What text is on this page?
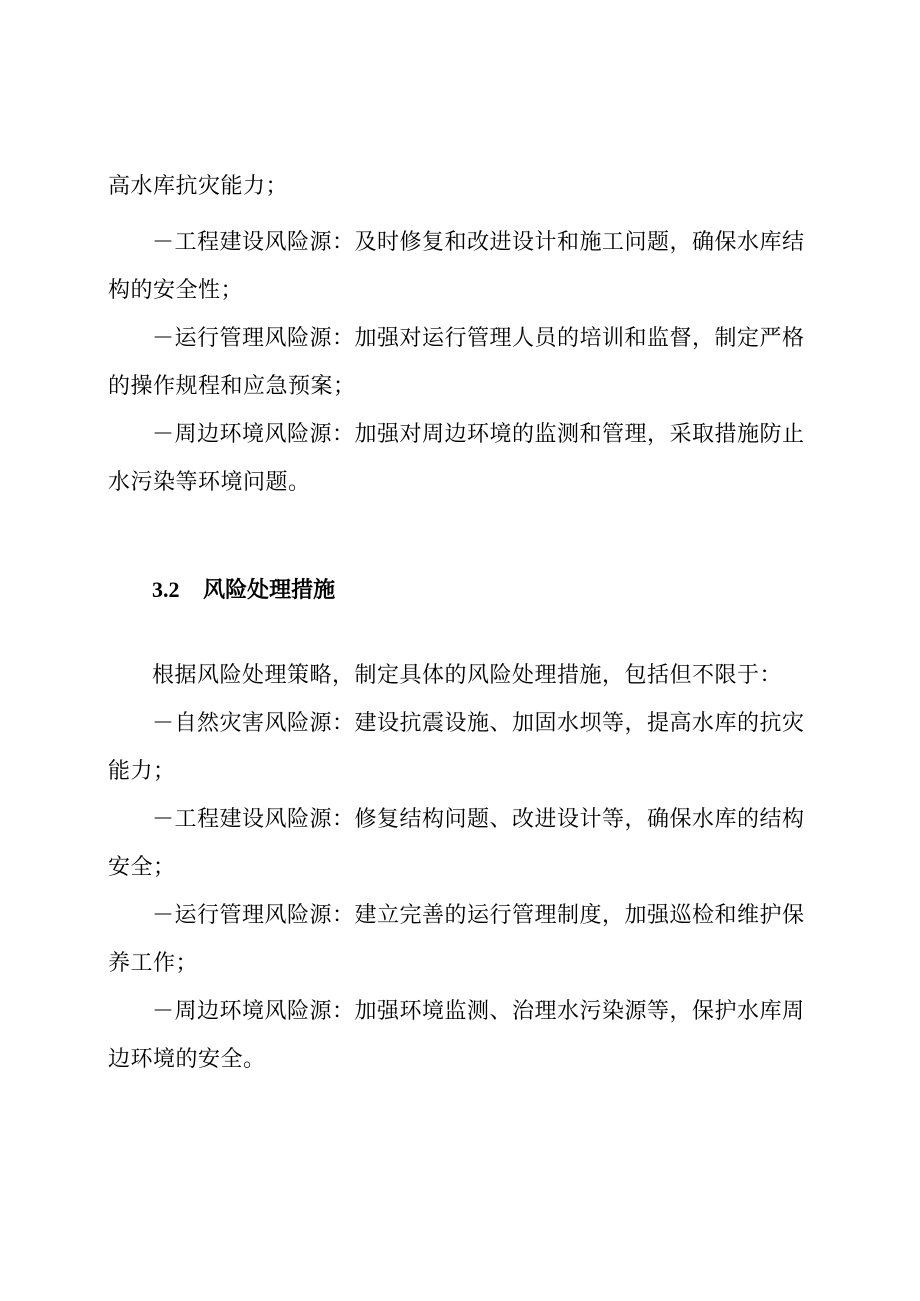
高水库抗灾能力；

－工程建设风险源：及时修复和改进设计和施工问题，确保水库结构的安全性；

－运行管理风险源：加强对运行管理人员的培训和监督，制定严格的操作规程和应急预案；

－周边环境风险源：加强对周边环境的监测和管理，采取措施防止水污染等环境问题。

3.2 风险处理措施

根据风险处理策略，制定具体的风险处理措施，包括但不限于：

－自然灾害风险源：建设抗震设施、加固水坝等，提高水库的抗灾能力；

－工程建设风险源：修复结构问题、改进设计等，确保水库的结构安全；

－运行管理风险源：建立完善的运行管理制度，加强巡检和维护保养工作；

－周边环境风险源：加强环境监测、治理水污染源等，保护水库周边环境的安全。
